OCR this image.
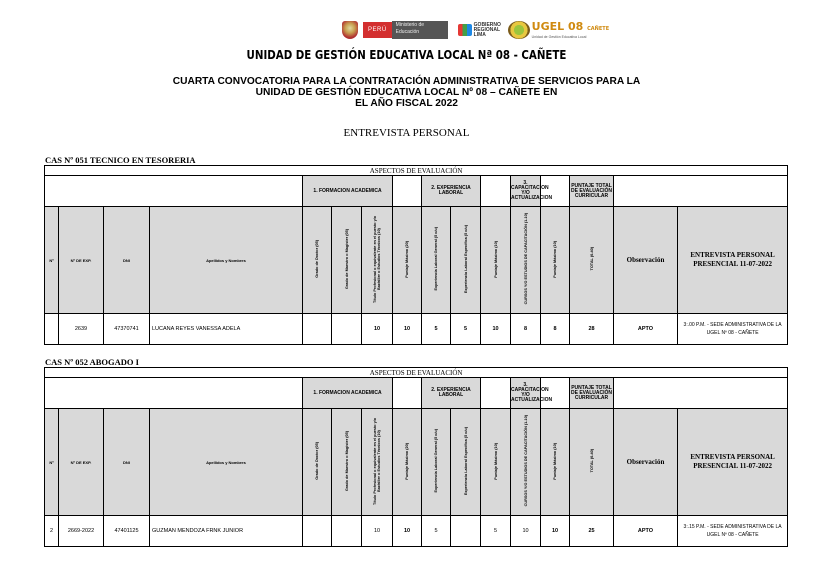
PERÚ
Ministerio de Educación
GOBIERNO REGIONAL LIMA
UGEL 08 CAÑETE
Unidad de Gestión Educativa Local
UNIDAD DE GESTIÓN EDUCATIVA LOCAL Nª 08 - CAÑETE
CUARTA CONVOCATORIA PARA LA CONTRATACIÓN ADMINISTRATIVA DE SERVICIOS PARA LA
UNIDAD DE GESTIÓN EDUCATIVA LOCAL Nº 08 – CAÑETE EN
EL AÑO FISCAL 2022
ENTREVISTA PERSONAL
CAS Nº 051 TECNICO EN TESORERIA
ASPECTOS DE EVALUACIÓN															
				1. FORMACION ACADEMICA				2. EXPERIENCIA LABORAL			3. CAPACITACION Y/O ACTUALIZACION		PUNTAJE TOTAL DE EVALUACIÓN CURRICULAR		
Nº	Nº DE EXP.	DNI	Apellidos y Nombres	Grado de Doctor (05)	Grado de Maestro o Magíster (05)	Título Profesional o equivalente en el puesto y/o Bachiller o Estudios Técnicos (10)	Puntaje Máximo (20)	Experiencia Laboral General (5 c/u)	Experiencia Laboral Específica (5 c/u)	Puntaje Máximo (10)	CURSOS Y/O ESTUDIOS DE CAPACITACIÓN (1-10)	Puntaje Máximo (10)	TOTAL (0-40)	Observación	ENTREVISTA PERSONAL PRESENCIAL 11-07-2022
	2639	47370741	LUCANA REYES VANESSA ADELA			10	10	5	5	10	8	8	28	APTO	3:.00 P.M. - SEDE ADMINISTRATIVA DE LA UGEL Nº 08 - CAÑETE
CAS Nº 052 ABOGADO I
ASPECTOS DE EVALUACIÓN															
				1. FORMACION ACADEMICA				2. EXPERIENCIA LABORAL			3. CAPACITACION Y/O ACTUALIZACION		PUNTAJE TOTAL DE EVALUACIÓN CURRICULAR		
Nº	Nº DE EXP.	DNI	Apellidos y Nombres	Grado de Doctor (05)	Grado de Maestro o Magíster (05)	Título Profesional o equivalente en el puesto y/o Bachiller o Estudios Técnicos (10)	Puntaje Máximo (20)	Experiencia Laboral General (5 c/u)	Experiencia Laboral Específica (5 c/u)	Puntaje Máximo (10)	CURSOS Y/O ESTUDIOS DE CAPACITACIÓN (1-10)	Puntaje Máximo (10)	TOTAL (0-40)	Observación	ENTREVISTA PERSONAL PRESENCIAL 11-07-2022
2	2669-2022	47401125	GUZMAN MENDOZA FRNK JUNIOR			10	10	5		5	10	10	25	APTO	3:.15 P.M. - SEDE ADMINISTRATIVA DE LA UGEL Nº 08 - CAÑETE
